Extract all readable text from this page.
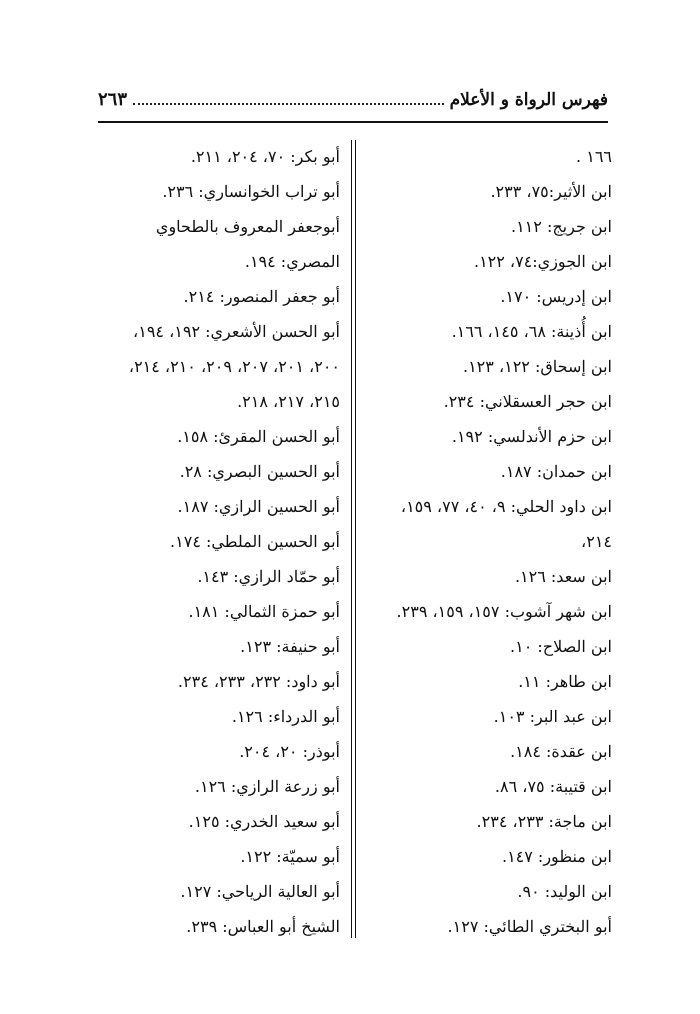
فهرس الرواة و الأعلام
٢٦٣
١٦٦ .
ابن الأثير:٧٥، ٢٣٣.
ابن جريج: ١١٢.
ابن الجوزي:٧٤، ١٢٢.
ابن إدريس: ١٧٠.
ابن أُذينة: ٦٨، ١٤٥، ١٦٦.
ابن إسحاق: ١٢٢، ١٢٣.
ابن حجر العسقلاني: ٢٣٤.
ابن حزم الأندلسي: ١٩٢.
ابن حمدان: ١٨٧.
ابن داود الحلي: ٩، ٤٠، ٧٧، ١٥٩،
٢١٤،
ابن سعد: ١٢٦.
ابن شهر آشوب: ١٥٧، ١٥٩، ٢٣٩.
ابن الصلاح: ١٠.
ابن طاهر: ١١.
ابن عبد البر: ١٠٣.
ابن عقدة: ١٨٤.
ابن قتيبة: ٧٥، ٨٦.
ابن ماجة: ٢٣٣، ٢٣٤.
ابن منظور: ١٤٧.
ابن الوليد: ٩٠.
أبو البختري الطائي: ١٢٧.
أبو بكر: ٧٠، ٢٠٤، ٢١١.
أبو تراب الخوانساري: ٢٣٦.
أبوجعفر المعروف بالطحاوي
المصري: ١٩٤.
أبو جعفر المنصور: ٢١٤.
أبو الحسن الأشعري: ١٩٢، ١٩٤،
٢٠٠، ٢٠١، ٢٠٧، ٢٠٩، ٢١٠، ٢١٤،
٢١٥، ٢١٧، ٢١٨.
أبو الحسن المقرئ: ١٥٨.
أبو الحسين البصري: ٢٨.
أبو الحسين الرازي: ١٨٧.
أبو الحسين الملطي: ١٧٤.
أبو حمّاد الرازي: ١٤٣.
أبو حمزة الثمالي: ١٨١.
أبو حنيفة: ١٢٣.
أبو داود: ٢٣٢، ٢٣٣، ٢٣٤.
أبو الدرداء: ١٢٦.
أبوذر: ٢٠، ٢٠٤.
أبو زرعة الرازي: ١٢٦.
أبو سعيد الخدري: ١٢٥.
أبو سميّة: ١٢٢.
أبو العالية الرياحي: ١٢٧.
الشيخ أبو العباس: ٢٣٩.
